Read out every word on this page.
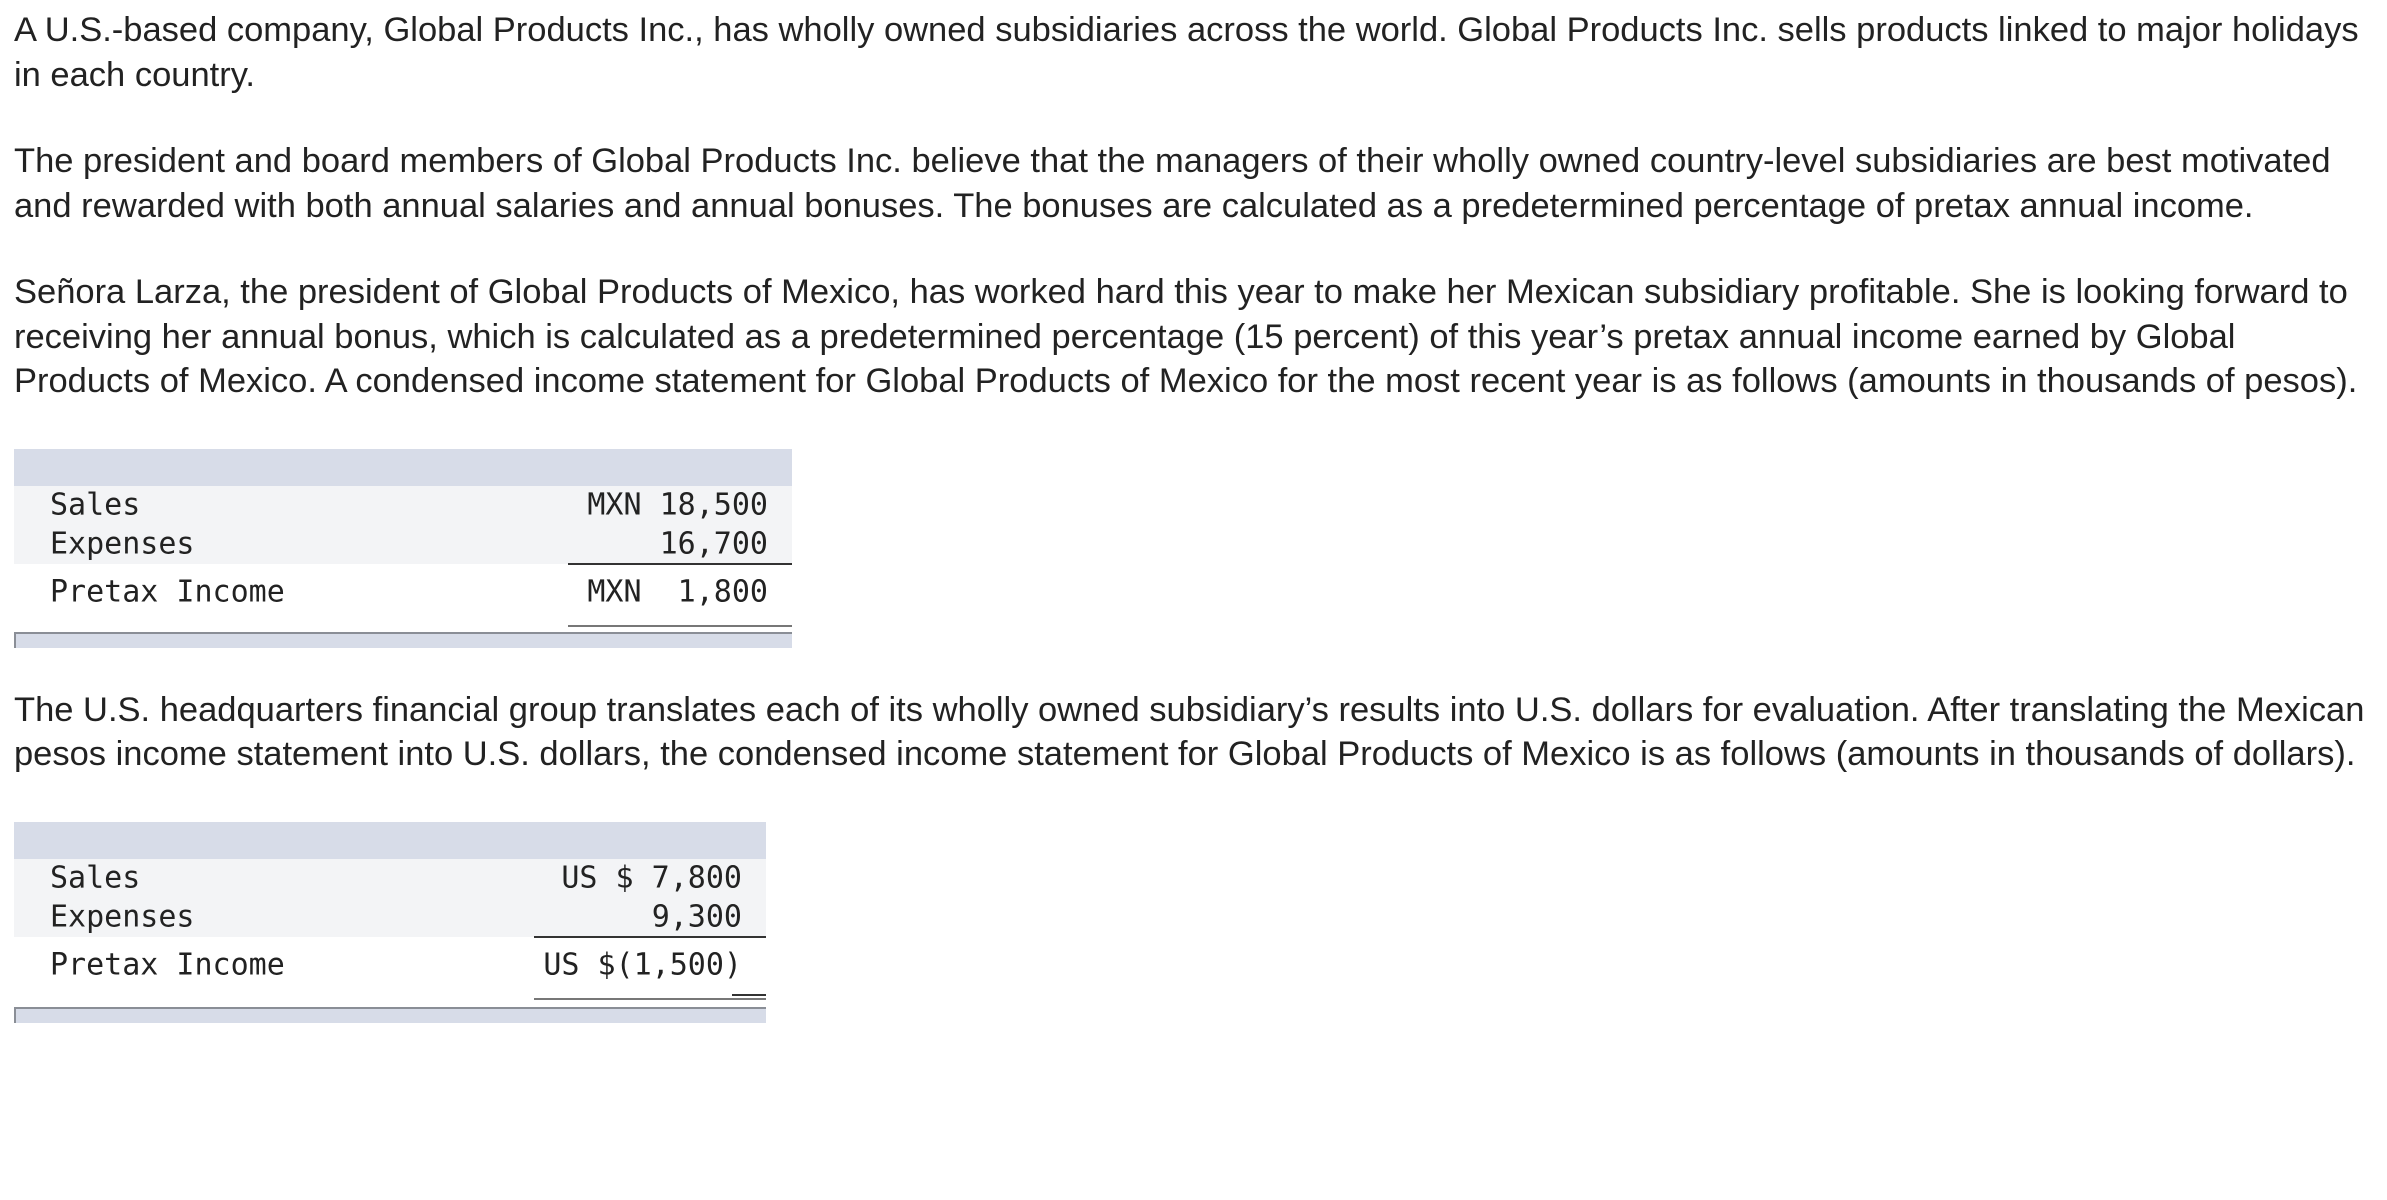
A U.S.-based company, Global Products Inc., has wholly owned subsidiaries across the world. Global Products Inc. sells products linked to major holidays in each country.

The president and board members of Global Products Inc. believe that the managers of their wholly owned country-level subsidiaries are best motivated and rewarded with both annual salaries and annual bonuses. The bonuses are calculated as a predetermined percentage of pretax annual income.

Señora Larza, the president of Global Products of Mexico, has worked hard this year to make her Mexican subsidiary profitable. She is looking forward to receiving her annual bonus, which is calculated as a predetermined percentage (15 percent) of this year’s pretax annual income earned by Global Products of Mexico. A condensed income statement for Global Products of Mexico for the most recent year is as follows (amounts in thousands of pesos).

Sales	MXN 18,500
Expenses	16,700
Pretax Income	MXN  1,800

The U.S. headquarters financial group translates each of its wholly owned subsidiary’s results into U.S. dollars for evaluation. After translating the Mexican pesos income statement into U.S. dollars, the condensed income statement for Global Products of Mexico is as follows (amounts in thousands of dollars).

Sales	US $ 7,800
Expenses	9,300
Pretax Income	US $(1,500)
